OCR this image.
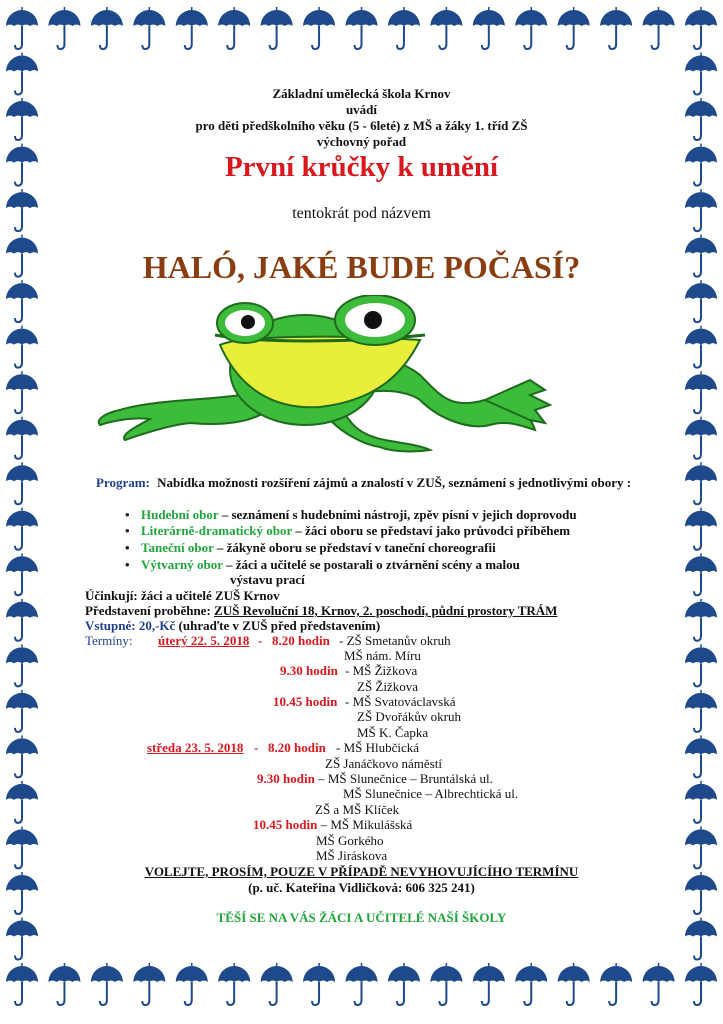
Základní umělecká škola Krnov
uvádí
pro děti předškolního věku (5 - 6leté) z MŠ a žáky 1. tříd ZŠ
výchovný pořad
První krůčky k umění
tentokrát pod názvem
HALÓ, JAKÉ BUDE POČASÍ?
Program: Nabídka možnosti rozšíření zájmů a znalostí v ZUŠ, seznámení s jednotlivými obory :
• Hudební obor – seznámení s hudebními nástroji, zpěv písní v jejich doprovodu
• Literárně-dramatický obor – žáci oboru se představí jako průvodci příběhem
• Taneční obor – žákyně oboru se představí v taneční choreografii
• Výtvarný obor – žáci a učitelé se postarali o ztvárnění scény a malou
výstavu prací
Účinkují: žáci a učitelé ZUŠ Krnov
Představení proběhne: ZUŠ Revoluční 18, Krnov, 2. poschodí, půdní prostory TRÁM
Vstupné: 20,-Kč (uhraďte v ZUŠ před představením)
Termíny: úterý 22. 5. 2018 - 8.20 hodin - ZŠ Smetanův okruh
MŠ nám. Míru
9.30 hodin - MŠ Žižkova
ZŠ Žižkova
10.45 hodin - MŠ Svatováclavská
ZŠ Dvořákův okruh
MŠ K. Čapka
středa 23. 5. 2018 - 8.20 hodin - MŠ Hlubčická
ZŠ Janáčkovo náměstí
9.30 hodin – MŠ Slunečnice – Bruntálská ul.
MŠ Slunečnice – Albrechtická ul.
ZŠ a MŠ Klíček
10.45 hodin – MŠ Mikulášská
MŠ Gorkého
MŠ Jiráskova
VOLEJTE, PROSÍM, POUZE V PŘÍPADĚ NEVYHOVUJÍCÍHO TERMÍNU
(p. uč. Kateřina Vidličková: 606 325 241)
TĚŠÍ SE NA VÁS ŽÁCI A UČITELÉ NAŠÍ ŠKOLY
